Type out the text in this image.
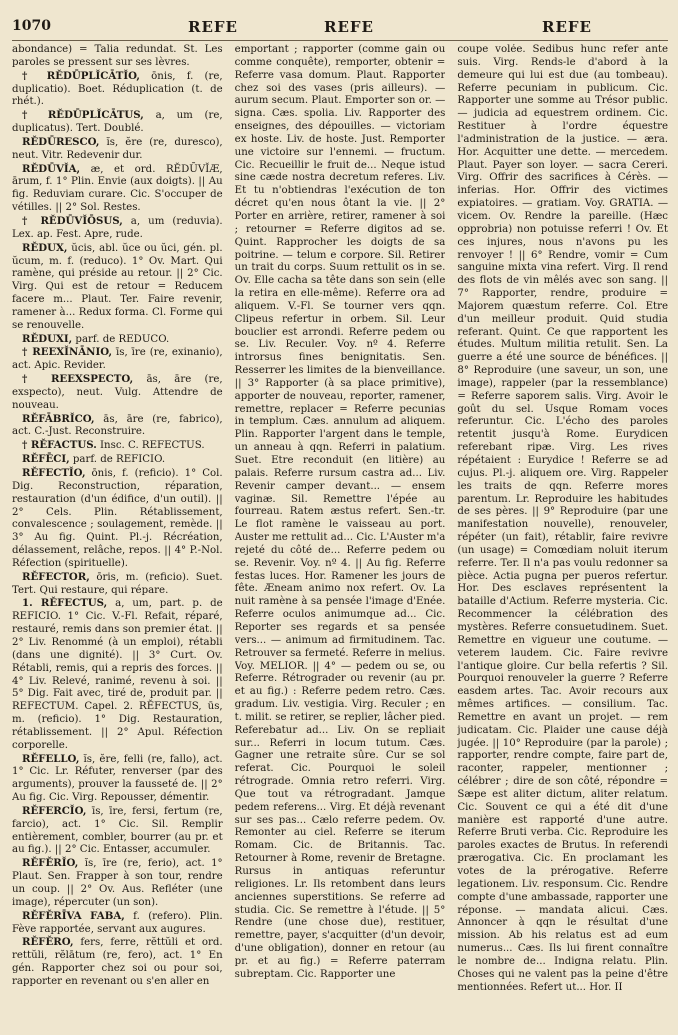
1070	REFE	REFE	REFE

abondance) = Talia redundat. St. Les paroles se pressent sur ses lèvres.

† RĔDŪPLĬCĀTĬO, ōnis, f. (re, duplicatio). Boet. Réduplication (t. de rhét.).

† RĔDŪPLĬCĀTUS, a, um (re, duplicatus). Tert. Doublé.

RĔDŪRESCO, ĭs, ĕre (re, duresco), neut. Vitr. Redevenir dur.

RĔDŪVĬA, æ, et ord. RĔDŪVĬÆ, ārum, f. 1° Plin. Envie (aux doigts). || Au fig. Reduviam curare. Cic. S'occuper de vétilles. || 2° Sol. Restes.

† RĔDŪVĬŌSUS, a, um (reduvia). Lex. ap. Fest. Apre, rude.

RĔDUX, ŭcis, abl. ŭce ou ŭci, gén. pl. ŭcum, m. f. (reduco). 1° Ov. Mart. Qui ramène, qui préside au retour. || 2° Cic. Virg. Qui est de retour = Reducem facere m... Plaut. Ter. Faire revenir, ramener à... Redux forma. Cl. Forme qui se renouvelle.

RĔDUXI, parf. de REDUCO.

† REEXĬNĀNIO, īs, īre (re, exinanio), act. Apic. Revider.

† REEXSPECTO, ās, āre (re, exspecto), neut. Vulg. Attendre de nouveau.

RĔFĀBRĬCO, ās, āre (re, fabrico), act. C.-Just. Reconstruire.

† RĔFACTUS. Insc. C. REFECTUS.

RĔFĒCI, parf. de REFICIO.

RĔFECTĬO, ōnis, f. (reficio). 1° Col. Dig. Reconstruction, réparation, restauration (d'un édifice, d'un outil). || 2° Cels. Plin. Rétablissement, convalescence ; soulagement, remède. || 3° Au fig. Quint. Pl.-j. Récréation, délassement, relâche, repos. || 4° P.-Nol. Réfection (spirituelle).

RĔFECTOR, ōris, m. (reficio). Suet. Tert. Qui restaure, qui répare.

1. RĔFECTUS, a, um, part. p. de REFICIO. 1° Cic. V.-Fl. Refait, réparé, restauré, remis dans son premier état. || 2° Liv. Renommé (à un emploi), rétabli (dans une dignité). || 3° Curt. Ov. Rétabli, remis, qui a repris des forces. || 4° Liv. Relevé, ranimé, revenu à soi. || 5° Dig. Fait avec, tiré de, produit par. || REFECTUM. Capel. 2. RĔFECTUS, ūs, m. (reficio). 1° Dig. Restauration, rétablissement. || 2° Apul. Réfection corporelle.

RĔFELLO, ĭs, ĕre, felli (re, fallo), act. 1° Cic. Lr. Réfuter, renverser (par des arguments), prouver la fausseté de. || 2° Au fig. Cic. Virg. Repousser, démentir.

RĔFERCĬO, īs, īre, fersi, fertum (re, farcio), act. 1° Cic. Sil. Remplir entièrement, combler, bourrer (au pr. et au fig.). || 2° Cic. Entasser, accumuler.

RĔFĔRĬO, ĭs, īre (re, ferio), act. 1° Plaut. Sen. Frapper à son tour, rendre un coup. || 2° Ov. Aus. Refléter (une image), répercuter (un son).

RĔFĔRĪVA FABA, f. (refero). Plin. Fève rapportée, servant aux augures.

RĔFĔRO, fers, ferre, rĕttŭli et ord. rettŭli, rĕlātum (re, fero), act. 1° En gén. Rapporter chez soi ou pour soi, rapporter en revenant ou s'en aller en

emportant ; rapporter (comme gain ou comme conquête), remporter, obtenir = Referre vasa domum. Plaut. Rapporter chez soi des vases (pris ailleurs). — aurum secum. Plaut. Emporter son or. — signa. Cæs. spolia. Liv. Rapporter des enseignes, des dépouilles. — victoriam ex hoste. Liv. de hoste. Just. Remporter une victoire sur l'ennemi. — fructum. Cic. Recueillir le fruit de... Neque istud sine cæde nostra decretum referes. Liv. Et tu n'obtiendras l'exécution de ton décret qu'en nous ôtant la vie. || 2° Porter en arrière, retirer, ramener à soi ; retourner = Referre digitos ad se. Quint. Rapprocher les doigts de sa poitrine. — telum e corpore. Sil. Retirer un trait du corps. Suum rettulit os in se. Ov. Elle cacha sa tête dans son sein (elle la retira en elle-même). Referre ora ad aliquem. V.-Fl. Se tourner vers qqn. Clipeus refertur in orbem. Sil. Leur bouclier est arrondi. Referre pedem ou se. Liv. Reculer. Voy. nº 4. Referre introrsus fines benignitatis. Sen. Resserrer les limites de la bienveillance. || 3° Rapporter (à sa place primitive), apporter de nouveau, reporter, ramener, remettre, replacer = Referre pecunias in templum. Cæs. annulum ad aliquem. Plin. Rapporter l'argent dans le temple, un anneau à qqn. Referri in palatium. Suet. Etre reconduit (en litière) au palais. Referre rursum castra ad... Liv. Revenir camper devant... — ensem vaginæ. Sil. Remettre l'épée au fourreau. Ratem æstus refert. Sen.-tr. Le flot ramène le vaisseau au port. Auster me rettulit ad... Cic. L'Auster m'a rejeté du côté de... Referre pedem ou se. Revenir. Voy. nº 4. || Au fig. Referre festas luces. Hor. Ramener les jours de fête. Æneam animo nox refert. Ov. La nuit ramène à sa pensée l'image d'Enée. Referre oculos animumque ad... Cic. Reporter ses regards et sa pensée vers... — animum ad firmitudinem. Tac. Retrouver sa fermeté. Referre in melius. Voy. MELIOR. || 4° — pedem ou se, ou Referre. Rétrograder ou revenir (au pr. et au fig.) : Referre pedem retro. Cæs. gradum. Liv. vestigia. Virg. Reculer ; en t. milit. se retirer, se replier, lâcher pied. Referebatur ad... Liv. On se repliait sur... Referri in locum tutum. Cæs. Gagner une retraite sûre. Cur se sol referat. Cic. Pourquoi le soleil rétrograde. Omnia retro referri. Virg. Que tout va rétrogradant. Jamque pedem referens... Virg. Et déjà revenant sur ses pas... Cælo referre pedem. Ov. Remonter au ciel. Referre se iterum Romam. Cic. de Britannis. Tac. Retourner à Rome, revenir de Bretagne. Rursus in antiquas referuntur religiones. Lr. Ils retombent dans leurs anciennes superstitions. Se referre ad studia. Cic. Se remettre à l'étude. || 5° Rendre (une chose due), restituer, remettre, payer, s'acquitter (d'un devoir, d'une obligation), donner en retour (au pr. et au fig.) = Referre paterram subreptam. Cic. Rapporter une

coupe volée. Sedibus hunc refer ante suis. Virg. Rends-le d'abord à la demeure qui lui est due (au tombeau). Referre pecuniam in publicum. Cic. Rapporter une somme au Trésor public. — judicia ad equestrem ordinem. Cic. Restituer à l'ordre équestre l'administration de la justice. — æra. Hor. Acquitter une dette. — mercedem. Plaut. Payer son loyer. — sacra Cereri. Virg. Offrir des sacrifices à Cérès. — inferias. Hor. Offrir des victimes expiatoires. — gratiam. Voy. GRATIA. — vicem. Ov. Rendre la pareille. (Hæc opprobria) non potuisse referri ! Ov. Et ces injures, nous n'avons pu les renvoyer ! || 6° Rendre, vomir = Cum sanguine mixta vina refert. Virg. Il rend des flots de vin mêlés avec son sang. || 7° Rapporter, rendre, produire = Majorem quæstum referre. Col. Etre d'un meilleur produit. Quid studia referant. Quint. Ce que rapportent les études. Multum militia retulit. Sen. La guerre a été une source de bénéfices. || 8° Reproduire (une saveur, un son, une image), rappeler (par la ressemblance) = Referre saporem salis. Virg. Avoir le goût du sel. Usque Romam voces referuntur. Cic. L'écho des paroles retentit jusqu'à Rome. Eurydicen referebant ripæ. Virg. Les rives répétaient : Eurydice ! Referre se ad cujus. Pl.-j. aliquem ore. Virg. Rappeler les traits de qqn. Referre mores parentum. Lr. Reproduire les habitudes de ses pères. || 9° Reproduire (par une manifestation nouvelle), renouveler, répéter (un fait), rétablir, faire revivre (un usage) = Comœdiam noluit iterum referre. Ter. Il n'a pas voulu redonner sa pièce. Actia pugna per pueros refertur. Hor. Des esclaves représentent la bataille d'Actium. Referre mysteria. Cic. Recommencer la célébration des mystères. Referre consuetudinem. Suet. Remettre en vigueur une coutume. — veterem laudem. Cic. Faire revivre l'antique gloire. Cur bella refertis ? Sil. Pourquoi renouveler la guerre ? Referre easdem artes. Tac. Avoir recours aux mêmes artifices. — consilium. Tac. Remettre en avant un projet. — rem judicatam. Cic. Plaider une cause déjà jugée. || 10° Reproduire (par la parole) ; rapporter, rendre compte, faire part de, raconter, rappeler, mentionner ; célébrer ; dire de son côté, répondre = Sæpe est aliter dictum, aliter relatum. Cic. Souvent ce qui a été dit d'une manière est rapporté d'une autre. Referre Bruti verba. Cic. Reproduire les paroles exactes de Brutus. In referendi prærogativa. Cic. En proclamant les votes de la prérogative. Referre legationem. Liv. responsum. Cic. Rendre compte d'une ambassade, rapporter une réponse. — mandata alicui. Cæs. Annoncer à qqn le résultat d'une mission. Ab his relatus est ad eum numerus... Cæs. Ils lui firent connaître le nombre de... Indigna relatu. Plin. Choses qui ne valent pas la peine d'être mentionnées. Refert ut... Hor. II
